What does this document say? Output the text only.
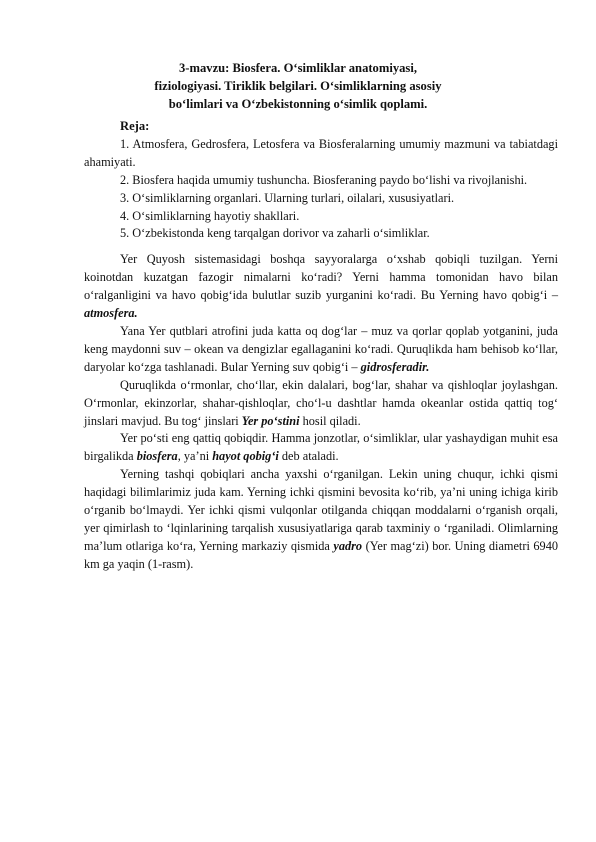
3-mavzu: Biosfera. O‘simliklar anatomiyasi,
fiziologiyasi. Tiriklik belgilari. O‘simliklarning asosiy
bo‘limlari va O‘zbekistonning o‘simlik qoplami.
Reja:
1. Atmosfera, Gedrosfera, Letosfera va Biosferalarning umumiy mazmuni va tabiatdagi ahamiyati.
2. Biosfera haqida umumiy tushuncha. Biosferaning paydo bo‘lishi va rivojlanishi.
3. O‘simliklarning organlari. Ularning turlari, oilalari, xususiyatlari.
4. O‘simliklarning hayotiy shakllari.
5. O‘zbekistonda keng tarqalgan dorivor va zaharli o‘simliklar.

Yer Quyosh sistemasidagi boshqa sayyoralarga o‘xshab qobiqli tuzilgan. Yerni koinotdan kuzatgan fazogir nimalarni ko‘radi? Yerni hamma tomonidan havo bilan o‘ralganligini va havo qobig‘ida bulutlar suzib yurganini ko‘radi. Bu Yerning havo qobig‘i – atmosfera.

Yana Yer qutblari atrofini juda katta oq dog‘lar – muz va qorlar qoplab yotganini, juda keng maydonni suv – okean va dengizlar egallaganini ko‘radi. Quruqlikda ham behisob ko‘llar, daryolar ko‘zga tashlanadi. Bular Yerning suv qobig‘i – gidrosferadir.

Quruqlikda o‘rmonlar, cho‘llar, ekin dalalari, bog‘lar, shahar va qishloqlar joylashgan. O‘rmonlar, ekinzorlar, shahar-qishloqlar, cho‘l-u dashtlar hamda okeanlar ostida qattiq tog‘ jinslari mavjud. Bu tog‘ jinslari Yer po‘stini hosil qiladi.

Yer po‘sti eng qattiq qobiqdir. Hamma jonzotlar, o‘simliklar, ular yashaydigan muhit esa birgalikda biosfera, ya’ni hayot qobig‘i deb ataladi.

Yerning tashqi qobiqlari ancha yaxshi o‘rganilgan. Lekin uning chuqur, ichki qismi haqidagi bilimlarimiz juda kam. Yerning ichki qismini bevosita ko‘rib, ya’ni uning ichiga kirib o‘rganib bo‘lmaydi. Yer ichki qismi vulqonlar otilganda chiqqan moddalarni o‘rganish orqali, yer qimirlash to ‘lqinlarining tarqalish xususiyatlariga qarab taxminiy o ‘rganiladi. Olimlarning ma’lum otlariga ko‘ra, Yerning markaziy qismida yadro (Yer mag‘zi) bor. Uning diametri 6940 km ga yaqin (1-rasm).
